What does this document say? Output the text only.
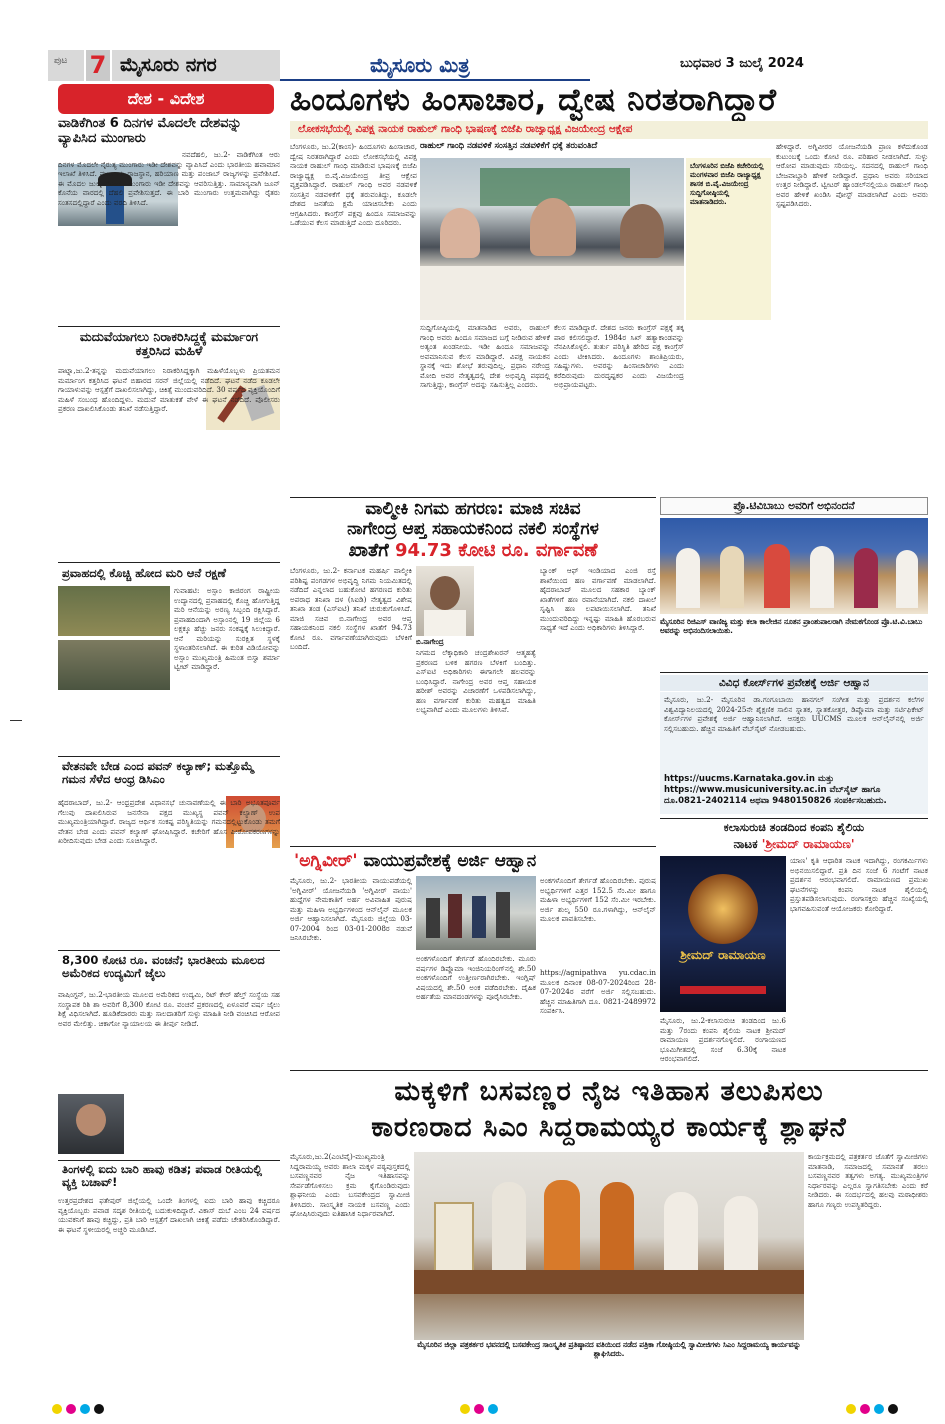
ಪುಟ 7 ಮೈಸೂರು ನಗರ	ಮೈಸೂರು ಮಿತ್ರ	ಬುಧವಾರ 3 ಜುಲೈ 2024
ದೇಶ - ವಿದೇಶ	ಹಿಂದೂಗಳು ಹಿಂಸಾಚಾರ, ದ್ವೇಷ ನಿರತರಾಗಿದ್ದಾರೆ
ಲೋಕಸಭೆಯಲ್ಲಿ ವಿಪಕ್ಷ ನಾಯಕ ರಾಹುಲ್ ಗಾಂಧಿ ಭಾಷಣಕ್ಕೆ ಬಿಜೆಪಿ ರಾಜ್ಯಾಧ್ಯಕ್ಷ ವಿಜಯೇಂದ್ರ ಆಕ್ಷೇಪ
ಬೆಂಗಳೂರು, ಜು.2(ಕಾಂಸ)- ಹಿಂದೂಗಳು ಹಿಂಸಾಚಾರ, ದ್ವೇಷ ನಿರತರಾಗಿದ್ದಾರೆ ಎಂದು ಲೋಕಸಭೆಯಲ್ಲಿ ವಿಪಕ್ಷ ನಾಯಕ ರಾಹುಲ್ ಗಾಂಧಿ ಮಾಡಿರುವ ಭಾಷಣಕ್ಕೆ ಬಿಜೆಪಿ ರಾಜ್ಯಾಧ್ಯಕ್ಷ ಬಿ.ವೈ.ವಿಜಯೇಂದ್ರ ತೀವ್ರ ಆಕ್ಷೇಪ ವ್ಯಕ್ತಪಡಿಸಿದ್ದಾರೆ. ರಾಹುಲ್ ಗಾಂಧಿ ಅವರ ನಡವಳಿಕೆ ಸಂಸತ್ತಿನ ನಡವಳಿಕೆಗೆ ಧಕ್ಕೆ ತರುವಂತಿದ್ದು, ಕೂಡಲೇ ದೇಶದ ಜನತೆಯ ಕ್ಷಮೆ ಯಾಚಿಸಬೇಕು ಎಂದು ಆಗ್ರಹಿಸಿದರು. ಕಾಂಗ್ರೆಸ್ ಪಕ್ಷವು ಹಿಂದೂ ಸಮಾಜವನ್ನು ಒಡೆಯುವ ಕೆಲಸ ಮಾಡುತ್ತಿದೆ ಎಂದು ದೂರಿದರು.
ರಾಹುಲ್ ಗಾಂಧಿ ನಡವಳಿಕೆ ಸಂಸತ್ತಿನ ನಡವಳಿಕೆಗೆ ಧಕ್ಕೆ ತರುವಂತಿದೆ
ಬೆಂಗಳೂರಿನ ಬಿಜೆಪಿ ಕಚೇರಿಯಲ್ಲಿ ಮಂಗಳವಾರ ಬಿಜೆಪಿ ರಾಜ್ಯಾಧ್ಯಕ್ಷ ಶಾಸಕ ಬಿ.ವೈ.ವಿಜಯೇಂದ್ರ ಸುದ್ದಿಗೋಷ್ಠಿಯಲ್ಲಿ ಮಾತನಾಡಿದರು.
ಸುದ್ದಿಗೋಷ್ಠಿಯಲ್ಲಿ ಮಾತನಾಡಿದ ಅವರು, ರಾಹುಲ್ ಗಾಂಧಿ ಅವರು ಹಿಂದೂ ಸಮಾಜದ ಬಗ್ಗೆ ನೀಡಿರುವ ಹೇಳಿಕೆ ಅತ್ಯಂತ ಖಂಡನೀಯ. ಇಡೀ ಹಿಂದೂ ಸಮಾಜವನ್ನು ಅವಮಾನಿಸುವ ಕೆಲಸ ಮಾಡಿದ್ದಾರೆ. ವಿಪಕ್ಷ ನಾಯಕನ ಸ್ಥಾನಕ್ಕೆ ಇದು ಶೋಭೆ ತರುವುದಿಲ್ಲ. ಪ್ರಧಾನಿ ನರೇಂದ್ರ ಮೋದಿ ಅವರ ನೇತೃತ್ವದಲ್ಲಿ ದೇಶ ಅಭಿವೃದ್ಧಿ ಪಥದಲ್ಲಿ ಸಾಗುತ್ತಿದ್ದು, ಕಾಂಗ್ರೆಸ್ ಅದನ್ನು ಸಹಿಸುತ್ತಿಲ್ಲ ಎಂದರು.
ಕೆಲಸ ಮಾಡಿದ್ದಾರೆ. ದೇಶದ ಜನರು ಕಾಂಗ್ರೆಸ್ ಪಕ್ಷಕ್ಕೆ ತಕ್ಕ ಪಾಠ ಕಲಿಸಲಿದ್ದಾರೆ. 1984ರ ಸಿಖ್ ಹತ್ಯಾಕಾಂಡವನ್ನು ನೆನಪಿಸಿಕೊಳ್ಳಲಿ. ತುರ್ತು ಪರಿಸ್ಥಿತಿ ಹೇರಿದ ಪಕ್ಷ ಕಾಂಗ್ರೆಸ್ ಎಂದು ಟೀಕಿಸಿದರು. ಹಿಂದೂಗಳು ಶಾಂತಿಪ್ರಿಯರು, ಸಹಿಷ್ಣುಗಳು. ಅವರನ್ನು ಹಿಂಸಾಚಾರಿಗಳು ಎಂದು ಕರೆದಿರುವುದು ದುರದೃಷ್ಟಕರ ಎಂದು ವಿಜಯೇಂದ್ರ ಅಭಿಪ್ರಾಯಪಟ್ಟರು.
ಹೇಳಿದ್ದಾರೆ. ಅಗ್ನಿವೀರರ ಯೋಜನೆಯಡಿ ಪ್ರಾಣ ಕಳೆದುಕೊಂಡ ಕುಟುಂಬಕ್ಕೆ ಒಂದು ಕೋಟಿ ರೂ. ಪರಿಹಾರ ನೀಡಲಾಗಿದೆ. ಸುಳ್ಳು ಆರೋಪ ಮಾಡುವುದು ಸರಿಯಲ್ಲ. ಸದನದಲ್ಲಿ ರಾಹುಲ್ ಗಾಂಧಿ ಬೇಜವಾಬ್ದಾರಿ ಹೇಳಿಕೆ ನೀಡಿದ್ದಾರೆ. ಪ್ರಧಾನಿ ಅವರು ಸರಿಯಾದ ಉತ್ತರ ನೀಡಿದ್ದಾರೆ. ಟ್ವೀಟರ್ ಹ್ಯಾಂಡಲ್‌ನಲ್ಲಿಯೂ ರಾಹುಲ್ ಗಾಂಧಿ ಅವರ ಹೇಳಿಕೆ ಖಂಡಿಸಿ ಪೋಸ್ಟ್ ಮಾಡಲಾಗಿದೆ ಎಂದು ಅವರು ಸ್ಪಷ್ಟಪಡಿಸಿದರು.
ವಾಡಿಕೆಗಿಂತ 6 ದಿನಗಳ ಮೊದಲೇ ದೇಶವನ್ನು ವ್ಯಾಪಿಸಿದ ಮುಂಗಾರು
ನವದೆಹಲಿ, ಜು.2- ವಾಡಿಕೆಗಿಂತ ಆರು ದಿನಗಳ ಮೊದಲೇ ನೈರುತ್ಯ ಮುಂಗಾರು ಇಡೀ ದೇಶವನ್ನು ವ್ಯಾಪಿಸಿದೆ ಎಂದು ಭಾರತೀಯ ಹವಾಮಾನ ಇಲಾಖೆ ತಿಳಿಸಿದೆ. ಮುಂಗಾರು ರಾಜಸ್ಥಾನ, ಹರಿಯಾಣ ಮತ್ತು ಪಂಜಾಬ್ ರಾಜ್ಯಗಳನ್ನು ಪ್ರವೇಶಿಸಿದೆ. ಈ ಮೊದಲ ಜುಲೈ 8ರಂದು ಮುಂಗಾರು ಇಡೀ ದೇಶವನ್ನು ಆವರಿಸುತ್ತಿತ್ತು. ಸಾಮಾನ್ಯವಾಗಿ ಜೂನ್ ಕೊನೆಯ ವಾರದಲ್ಲಿ ದೆಹಲಿ ಪ್ರವೇಶಿಸುತ್ತದೆ. ಈ ಬಾರಿ ಮುಂಗಾರು ಉತ್ತಮವಾಗಿದ್ದು ರೈತರು ಸಂತಸದಲ್ಲಿದ್ದಾರೆ ಎಂದು ವರದಿ ತಿಳಿಸಿದೆ.
ಮದುವೆಯಾಗಲು ನಿರಾಕರಿಸಿದ್ದಕ್ಕೆ ಮರ್ಮಾಂಗ ಕತ್ತರಿಸಿದ ಮಹಿಳೆ
ಪಾಟ್ನಾ,ಜು.2-ತನ್ನನ್ನು ಮದುವೆಯಾಗಲು ನಿರಾಕರಿಸಿದ್ದಕ್ಕಾಗಿ ಮಹಿಳೆಯೊಬ್ಬಳು ಪ್ರಿಯತಮನ ಮರ್ಮಾಂಗ ಕತ್ತರಿಸಿದ ಘಟನೆ ಬಿಹಾರದ ಸರನ್ ಜಿಲ್ಲೆಯಲ್ಲಿ ನಡೆದಿದೆ. ಘಟನೆ ನಡೆದ ಕೂಡಲೇ ಗಾಯಾಳುವನ್ನು ಆಸ್ಪತ್ರೆಗೆ ದಾಖಲಿಸಲಾಗಿದ್ದು, ಚಿಕಿತ್ಸೆ ಮುಂದುವರಿದಿದೆ. 30 ವರ್ಷದ ವ್ಯಕ್ತಿಯೊಂದಿಗೆ ಮಹಿಳೆ ಸಂಬಂಧ ಹೊಂದಿದ್ದಳು. ಮದುವೆ ಮಾತುಕತೆ ವೇಳೆ ಈ ಘಟನೆ ನಡೆದಿದೆ. ಪೊಲೀಸರು ಪ್ರಕರಣ ದಾಖಲಿಸಿಕೊಂಡು ತನಿಖೆ ನಡೆಸುತ್ತಿದ್ದಾರೆ.
ಪ್ರವಾಹದಲ್ಲಿ ಕೊಚ್ಚಿ ಹೋದ ಮರಿ ಆನೆ ರಕ್ಷಣೆ
ಗುವಾಹಟಿ: ಅಸ್ಸಾಂ ಕಾಜಿರಂಗ ರಾಷ್ಟ್ರೀಯ ಉದ್ಯಾನದಲ್ಲಿ ಪ್ರವಾಹದಲ್ಲಿ ಕೊಚ್ಚಿ ಹೋಗುತ್ತಿದ್ದ ಮರಿ ಆನೆಯನ್ನು ಅರಣ್ಯ ಸಿಬ್ಬಂದಿ ರಕ್ಷಿಸಿದ್ದಾರೆ. ಪ್ರವಾಹದಿಂದಾಗಿ ಅಸ್ಸಾಂನಲ್ಲಿ 19 ಜಿಲ್ಲೆಯ 6 ಲಕ್ಷಕ್ಕೂ ಹೆಚ್ಚು ಜನರು ಸಂಕಷ್ಟಕ್ಕೆ ಸಿಲುಕಿದ್ದಾರೆ. ಆನೆ ಮರಿಯನ್ನು ಸುರಕ್ಷಿತ ಸ್ಥಳಕ್ಕೆ ಸ್ಥಳಾಂತರಿಸಲಾಗಿದೆ. ಈ ಕುರಿತ ವಿಡಿಯೋವನ್ನು ಅಸ್ಸಾಂ ಮುಖ್ಯಮಂತ್ರಿ ಹಿಮಂತ ಬಿಸ್ವಾ ಶರ್ಮಾ ಟ್ವೀಟ್ ಮಾಡಿದ್ದಾರೆ.
ವೇತನವೇ ಬೇಡ ಎಂದ ಪವನ್ ಕಲ್ಯಾಣ್; ಮತ್ತೊಮ್ಮೆ ಗಮನ ಸೆಳೆದ ಆಂಧ್ರ ಡಿಸಿಎಂ
ಹೈದರಾಬಾದ್, ಜು.2- ಆಂಧ್ರಪ್ರದೇಶ ವಿಧಾನಸಭೆ ಚುನಾವಣೆಯಲ್ಲಿ ಈ ಬಾರಿ ಅಭೂತಪೂರ್ವ ಗೆಲುವು ದಾಖಲಿಸಿರುವ ಜನಸೇನಾ ಪಕ್ಷದ ಮುಖ್ಯಸ್ಥ ಪವನ್ ಕಲ್ಯಾಣ್ ಉಪ ಮುಖ್ಯಮಂತ್ರಿಯಾಗಿದ್ದಾರೆ. ರಾಜ್ಯದ ಆರ್ಥಿಕ ಸಂಕಷ್ಟ ಪರಿಸ್ಥಿತಿಯನ್ನು ಗಮನದಲ್ಲಿಟ್ಟುಕೊಂಡು ತಮಗೆ ವೇತನ ಬೇಡ ಎಂದು ಪವನ್ ಕಲ್ಯಾಣ್ ಘೋಷಿಸಿದ್ದಾರೆ. ಕಚೇರಿಗೆ ಹೊಸ ಪೀಠೋಪಕರಣಗಳನ್ನು ಖರೀದಿಸುವುದು ಬೇಡ ಎಂದು ಸೂಚಿಸಿದ್ದಾರೆ.
8,300 ಕೋಟಿ ರೂ. ವಂಚನೆ; ಭಾರತೀಯ ಮೂಲದ ಅಮೆರಿಕದ ಉದ್ಯಮಿಗೆ ಜೈಲು
ವಾಷಿಂಗ್ಟನ್, ಜು.2-ಭಾರತೀಯ ಮೂಲದ ಅಮೆರಿಕದ ಉದ್ಯಮಿ, ರಿಟ್ ಕೇರ್ ಹೆಲ್ತ್ ಸಂಸ್ಥೆಯ ಸಹ ಸಂಸ್ಥಾಪಕ ರಿಶಿ ಶಾ ಅವರಿಗೆ 8,300 ಕೋಟಿ ರೂ. ವಂಚನೆ ಪ್ರಕರಣದಲ್ಲಿ ಏಳೂವರೆ ವರ್ಷ ಜೈಲು ಶಿಕ್ಷೆ ವಿಧಿಸಲಾಗಿದೆ. ಹೂಡಿಕೆದಾರರು ಮತ್ತು ಸಾಲದಾತರಿಗೆ ಸುಳ್ಳು ಮಾಹಿತಿ ನೀಡಿ ವಂಚಿಸಿದ ಆರೋಪ ಅವರ ಮೇಲಿತ್ತು. ಚಿಕಾಗೋ ನ್ಯಾಯಾಲಯ ಈ ತೀರ್ಪು ನೀಡಿದೆ.
ತಿಂಗಳಲ್ಲಿ ಐದು ಬಾರಿ ಹಾವು ಕಡಿತ; ಪವಾಡ ರೀತಿಯಲ್ಲಿ ವ್ಯಕ್ತಿ ಬಚಾವ್!
ಉತ್ತರಪ್ರದೇಶದ ಫತೇಪುರ್ ಜಿಲ್ಲೆಯಲ್ಲಿ ಒಂದೇ ತಿಂಗಳಲ್ಲಿ ಐದು ಬಾರಿ ಹಾವು ಕಚ್ಚಿದರೂ ವ್ಯಕ್ತಿಯೊಬ್ಬರು ಪವಾಡ ಸದೃಶ ರೀತಿಯಲ್ಲಿ ಬದುಕುಳಿದಿದ್ದಾರೆ. ವಿಕಾಸ್ ದುಬೆ ಎಂಬ 24 ವರ್ಷದ ಯುವಕನಿಗೆ ಹಾವು ಕಚ್ಚಿದ್ದು, ಪ್ರತಿ ಬಾರಿ ಆಸ್ಪತ್ರೆಗೆ ದಾಖಲಾಗಿ ಚಿಕಿತ್ಸೆ ಪಡೆದು ಚೇತರಿಸಿಕೊಂಡಿದ್ದಾರೆ. ಈ ಘಟನೆ ಸ್ಥಳೀಯರಲ್ಲಿ ಅಚ್ಚರಿ ಮೂಡಿಸಿದೆ.
ವಾಲ್ಮೀಕಿ ನಿಗಮ ಹಗರಣ: ಮಾಜಿ ಸಚಿವ
ನಾಗೇಂದ್ರ ಆಪ್ತ ಸಹಾಯಕನಿಂದ ನಕಲಿ ಸಂಸ್ಥೆಗಳ
ಖಾತೆಗೆ 94.73 ಕೋಟಿ ರೂ. ವರ್ಗಾವಣೆ
ಬೆಂಗಳೂರು, ಜು.2- ಕರ್ನಾಟಕ ಮಹರ್ಷಿ ವಾಲ್ಮೀಕಿ ಪರಿಶಿಷ್ಟ ಪಂಗಡಗಳ ಅಭಿವೃದ್ಧಿ ನಿಗಮ ನಿಯಮಿತದಲ್ಲಿ ನಡೆದಿದೆ ಎನ್ನಲಾದ ಬಹುಕೋಟಿ ಹಗರಣದ ಕುರಿತು ಅಪರಾಧ ತನಿಖಾ ದಳ (ಸಿಐಡಿ) ನೇತೃತ್ವದ ವಿಶೇಷ ತನಿಖಾ ತಂಡ (ಎಸ್‌ಐಟಿ) ತನಿಖೆ ಚುರುಕುಗೊಳಿಸಿದೆ. ಮಾಜಿ ಸಚಿವ ಬಿ.ನಾಗೇಂದ್ರ ಅವರ ಆಪ್ತ ಸಹಾಯಕನಿಂದ ನಕಲಿ ಸಂಸ್ಥೆಗಳ ಖಾತೆಗೆ 94.73 ಕೋಟಿ ರೂ. ವರ್ಗಾವಣೆಯಾಗಿರುವುದು ಬೆಳಕಿಗೆ ಬಂದಿದೆ.	ಬಿ.ನಾಗೇಂದ್ರ
ನಿಗಮದ ಲೆಕ್ಕಾಧಿಕಾರಿ ಚಂದ್ರಶೇಖರನ್ ಆತ್ಮಹತ್ಯೆ ಪ್ರಕರಣದ ಬಳಿಕ ಹಗರಣ ಬೆಳಕಿಗೆ ಬಂದಿತ್ತು. ಎಸ್‌ಐಟಿ ಅಧಿಕಾರಿಗಳು ಈಗಾಗಲೇ ಹಲವರನ್ನು ಬಂಧಿಸಿದ್ದಾರೆ. ನಾಗೇಂದ್ರ ಅವರ ಆಪ್ತ ಸಹಾಯಕ ಹರೀಶ್ ಅವರನ್ನು ವಿಚಾರಣೆಗೆ ಒಳಪಡಿಸಲಾಗಿದ್ದು, ಹಣ ವರ್ಗಾವಣೆ ಕುರಿತು ಮಹತ್ವದ ಮಾಹಿತಿ ಲಭ್ಯವಾಗಿದೆ ಎಂದು ಮೂಲಗಳು ತಿಳಿಸಿವೆ.
ಬ್ಯಾಂಕ್ ಆಫ್ ಇಂಡಿಯಾದ ಎಂಜಿ ರಸ್ತೆ ಶಾಖೆಯಿಂದ ಹಣ ವರ್ಗಾವಣೆ ಮಾಡಲಾಗಿದೆ. ಹೈದರಾಬಾದ್ ಮೂಲದ ಸಹಕಾರ ಬ್ಯಾಂಕ್ ಖಾತೆಗಳಿಗೆ ಹಣ ರವಾನೆಯಾಗಿದೆ. ನಕಲಿ ದಾಖಲೆ ಸೃಷ್ಟಿಸಿ ಹಣ ಲಪಟಾಯಿಸಲಾಗಿದೆ. ತನಿಖೆ ಮುಂದುವರಿದಿದ್ದು ಇನ್ನಷ್ಟು ಮಾಹಿತಿ ಹೊರಬರುವ ಸಾಧ್ಯತೆ ಇದೆ ಎಂದು ಅಧಿಕಾರಿಗಳು ತಿಳಿಸಿದ್ದಾರೆ.
'ಅಗ್ನಿವೀರ್' ವಾಯುಪ್ರವೇಶಕ್ಕೆ ಅರ್ಜಿ ಆಹ್ವಾನ
ಮೈಸೂರು, ಜು.2- ಭಾರತೀಯ ವಾಯುಪಡೆಯಲ್ಲಿ 'ಅಗ್ನಿವೀರ್' ಯೋಜನೆಯಡಿ 'ಅಗ್ನಿವೀರ್ ವಾಯು' ಹುದ್ದೆಗಳ ನೇಮಕಾತಿಗೆ ಅರ್ಹ ಅವಿವಾಹಿತ ಪುರುಷ ಮತ್ತು ಮಹಿಳಾ ಅಭ್ಯರ್ಥಿಗಳಿಂದ ಆನ್‌ಲೈನ್ ಮೂಲಕ ಅರ್ಜಿ ಆಹ್ವಾನಿಸಲಾಗಿದೆ. ಮೈಸೂರು ಜಿಲ್ಲೆಯ 03-07-2004 ರಿಂದ 03-01-2008ರ ನಡುವೆ ಜನಿಸಿರಬೇಕು.
ಅಂಕಗಳೊಂದಿಗೆ ತೇರ್ಗಡೆ ಹೊಂದಿರಬೇಕು. ಮೂರು ವರ್ಷಗಳ ಡಿಪ್ಲೊಮಾ ಇಂಜಿನಿಯರಿಂಗ್‌ನಲ್ಲಿ ಶೇ.50 ಅಂಕಗಳೊಂದಿಗೆ ಉತ್ತೀರ್ಣರಾಗಿರಬೇಕು. ಇಂಗ್ಲಿಷ್ ವಿಷಯದಲ್ಲಿ ಶೇ.50 ಅಂಕ ಪಡೆದಿರಬೇಕು. ದೈಹಿಕ ಅರ್ಹತೆಯ ಮಾನದಂಡಗಳನ್ನು ಪೂರೈಸಿರಬೇಕು.
ಅಂಕಗಳೊಂದಿಗೆ ತೇರ್ಗಡೆ ಹೊಂದಿರಬೇಕು. ಪುರುಷ ಅಭ್ಯರ್ಥಿಗಳಿಗೆ ಎತ್ತರ 152.5 ಸೆಂ.ಮೀ ಹಾಗೂ ಮಹಿಳಾ ಅಭ್ಯರ್ಥಿಗಳಿಗೆ 152 ಸೆಂ.ಮೀ ಇರಬೇಕು. ಅರ್ಜಿ ಶುಲ್ಕ 550 ರೂ.ಗಳಾಗಿದ್ದು, ಆನ್‌ಲೈನ್ ಮೂಲಕ ಪಾವತಿಸಬೇಕು.
https://agnipathva yu.cdac.in ಮೂಲಕ ದಿನಾಂಕ 08-07-2024ರಿಂದ 28-07-2024ರ ವರೆಗೆ ಅರ್ಜಿ ಸಲ್ಲಿಸಬಹುದು. ಹೆಚ್ಚಿನ ಮಾಹಿತಿಗಾಗಿ ದೂ. 0821-2489972 ಸಂಪರ್ಕಿಸಿ.
ಪ್ರೊ.ಟಿವಿಬಾಬು ಅವರಿಗೆ ಅಭಿನಂದನೆ
ಮೈಸೂರಿನ ರಿಜಿಎಸ್ ವಾಣಿಜ್ಯ ಮತ್ತು ಕಲಾ ಕಾಲೇಜಿನ ನೂತನ ಪ್ರಾಂಶುಪಾಲರಾಗಿ ನೇಮಕಗೊಂಡ ಪ್ರೊ.ಟಿ.ವಿ.ಬಾಬು ಅವರನ್ನು ಅಭಿನಂದಿಸಲಾಯಿತು.
ವಿವಿಧ ಕೋರ್ಸ್‌ಗಳ ಪ್ರವೇಶಕ್ಕೆ ಅರ್ಜಿ ಆಹ್ವಾನ
ಮೈಸೂರು, ಜು.2- ಮೈಸೂರಿನ ಡಾ.ಗಂಗೂಬಾಯಿ ಹಾನಗಲ್ ಸಂಗೀತ ಮತ್ತು ಪ್ರದರ್ಶನ ಕಲೆಗಳ ವಿಶ್ವವಿದ್ಯಾನಿಲಯದಲ್ಲಿ 2024-25ನೇ ಶೈಕ್ಷಣಿಕ ಸಾಲಿನ ಸ್ನಾತಕ, ಸ್ನಾತಕೋತ್ತರ, ಡಿಪ್ಲೊಮಾ ಮತ್ತು ಸರ್ಟಿಫಿಕೇಟ್ ಕೋರ್ಸ್‌ಗಳ ಪ್ರವೇಶಕ್ಕೆ ಅರ್ಜಿ ಆಹ್ವಾನಿಸಲಾಗಿದೆ. ಆಸಕ್ತರು UUCMS ಮೂಲಕ ಆನ್‌ಲೈನ್‌ನಲ್ಲಿ ಅರ್ಜಿ ಸಲ್ಲಿಸಬಹುದು. ಹೆಚ್ಚಿನ ಮಾಹಿತಿಗೆ ವೆಬ್‌ಸೈಟ್ ನೋಡಬಹುದು.
https://uucms.Karnataka.gov.in ಮತ್ತು https://www.musicuniversity.ac.in ವೆಬ್‌ಸೈಟ್ ಹಾಗೂ ದೂ.0821-2402114 ಅಥವಾ 9480150826 ಸಂಪರ್ಕಿಸಬಹುದು.
ಕಲಾಸುರುಚಿ ತಂಡದಿಂದ ಕಂಪನಿ ಶೈಲಿಯ
ನಾಟಕ 'ಶ್ರೀಮದ್ ರಾಮಾಯಣ'
ಶ್ರೀಮದ್ ರಾಮಾಯಣ
ಯಾಣ' ಕೃತಿ ಆಧಾರಿತ ನಾಟಕ ಇದಾಗಿದ್ದು, ರಂಗಕರ್ಮಿಗಳು ಅಭಿನಯಿಸಲಿದ್ದಾರೆ. ಪ್ರತಿ ದಿನ ಸಂಜೆ 6 ಗಂಟೆಗೆ ನಾಟಕ ಪ್ರದರ್ಶನ ಆರಂಭವಾಗಲಿದೆ. ರಾಮಾಯಣದ ಪ್ರಮುಖ ಘಟನೆಗಳನ್ನು ಕಂಪನಿ ನಾಟಕ ಶೈಲಿಯಲ್ಲಿ ಪ್ರಸ್ತುತಪಡಿಸಲಾಗುವುದು. ರಂಗಾಸಕ್ತರು ಹೆಚ್ಚಿನ ಸಂಖ್ಯೆಯಲ್ಲಿ ಭಾಗವಹಿಸುವಂತೆ ಆಯೋಜಕರು ಕೋರಿದ್ದಾರೆ.
ಮೈಸೂರು, ಜು.2-ಕಲಾಸುರುಚಿ ತಂಡದಿಂದ ಜು.6 ಮತ್ತು 7ರಂದು ಕಂಪನಿ ಶೈಲಿಯ ನಾಟಕ ಶ್ರೀಮದ್ ರಾಮಾಯಣ ಪ್ರದರ್ಶನಗೊಳ್ಳಲಿದೆ. ರಂಗಾಯಣದ ಭೂಮಿಗೀತದಲ್ಲಿ ಸಂಜೆ 6.30ಕ್ಕೆ ನಾಟಕ ಆರಂಭವಾಗಲಿದೆ.
ಮಕ್ಕಳಿಗೆ ಬಸವಣ್ಣರ ನೈಜ ಇತಿಹಾಸ ತಲುಪಿಸಲು
ಕಾರಣರಾದ ಸಿಎಂ ಸಿದ್ದರಾಮಯ್ಯರ ಕಾರ್ಯಕ್ಕೆ ಶ್ಲಾಘನೆ
ಮೈಸೂರು,ಜು.2(ಎಂಟಿವೈ)-ಮುಖ್ಯಮಂತ್ರಿ ಸಿದ್ದರಾಮಯ್ಯ ಅವರು ಶಾಲಾ ಮಕ್ಕಳ ಪಠ್ಯಪುಸ್ತಕದಲ್ಲಿ ಬಸವಣ್ಣನವರ ನೈಜ ಇತಿಹಾಸವನ್ನು ಸೇರ್ಪಡೆಗೊಳಿಸಲು ಕ್ರಮ ಕೈಗೊಂಡಿರುವುದು ಶ್ಲಾಘನೀಯ ಎಂದು ಬಸವಕೇಂದ್ರದ ಸ್ವಾಮೀಜಿ ತಿಳಿಸಿದರು. ಸಾಂಸ್ಕೃತಿಕ ನಾಯಕ ಬಸವಣ್ಣ ಎಂದು ಘೋಷಿಸಿರುವುದು ಐತಿಹಾಸಿಕ ನಿರ್ಧಾರವಾಗಿದೆ.
ಮೈಸೂರಿನ ಜಿಲ್ಲಾ ಪತ್ರಕರ್ತರ ಭವನದಲ್ಲಿ ಬಸವಕೇಂದ್ರ ಸಾಂಸ್ಕೃತಿಕ ಪ್ರತಿಷ್ಠಾನದ ವತಿಯಿಂದ ನಡೆದ ಪತ್ರಿಕಾ ಗೋಷ್ಠಿಯಲ್ಲಿ ಸ್ವಾಮೀಜಿಗಳು ಸಿಎಂ ಸಿದ್ದರಾಮಯ್ಯ ಕಾರ್ಯವನ್ನು ಶ್ಲಾಘಿಸಿದರು.
ಕಾರ್ಯಕ್ರಮದಲ್ಲಿ ಪತ್ರಕರ್ತರ ಜೊತೆಗೆ ಸ್ವಾಮೀಜಿಗಳು ಮಾತನಾಡಿ, ಸಮಾಜದಲ್ಲಿ ಸಮಾನತೆ ತರಲು ಬಸವಣ್ಣನವರ ತತ್ವಗಳು ಅಗತ್ಯ. ಮುಖ್ಯಮಂತ್ರಿಗಳ ನಿರ್ಧಾರವನ್ನು ಎಲ್ಲರೂ ಸ್ವಾಗತಿಸಬೇಕು ಎಂದು ಕರೆ ನೀಡಿದರು. ಈ ಸಂದರ್ಭದಲ್ಲಿ ಹಲವು ಮಠಾಧೀಶರು ಹಾಗೂ ಗಣ್ಯರು ಉಪಸ್ಥಿತರಿದ್ದರು.
